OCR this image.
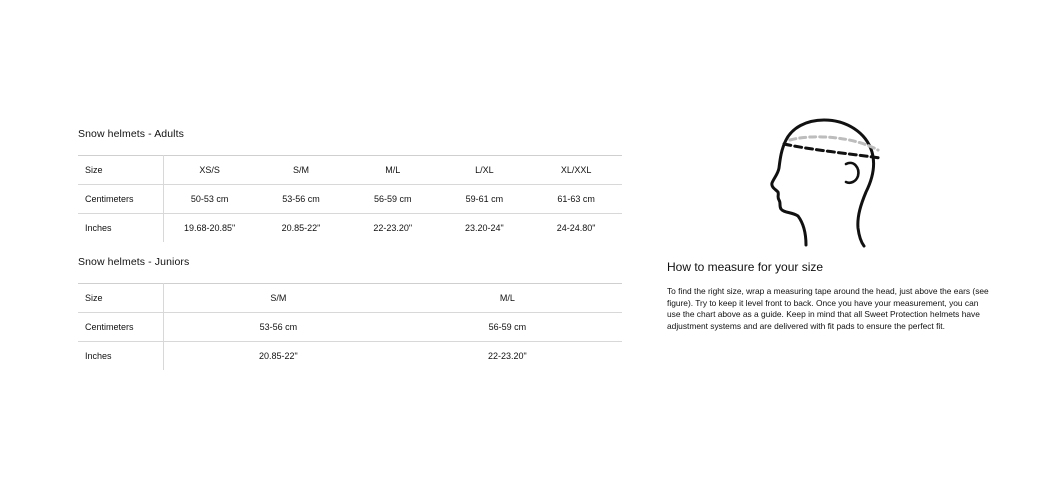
Snow helmets - Adults
Size	XS/S	S/M	M/L	L/XL	XL/XXL
Centimeters	50-53 cm	53-56 cm	56-59 cm	59-61 cm	61-63 cm
Inches	19.68-20.85"	20.85-22"	22-23.20"	23.20-24"	24-24.80"
Snow helmets - Juniors
Size	S/M	M/L
Centimeters	53-56 cm	56-59 cm
Inches	20.85-22"	22-23.20"
How to measure for your size
To find the right size, wrap a measuring tape around the head, just above the ears (see figure). Try to keep it level front to back. Once you have your measurement, you can use the chart above as a guide. Keep in mind that all Sweet Protection helmets have adjustment systems and are delivered with fit pads to ensure the perfect fit.
